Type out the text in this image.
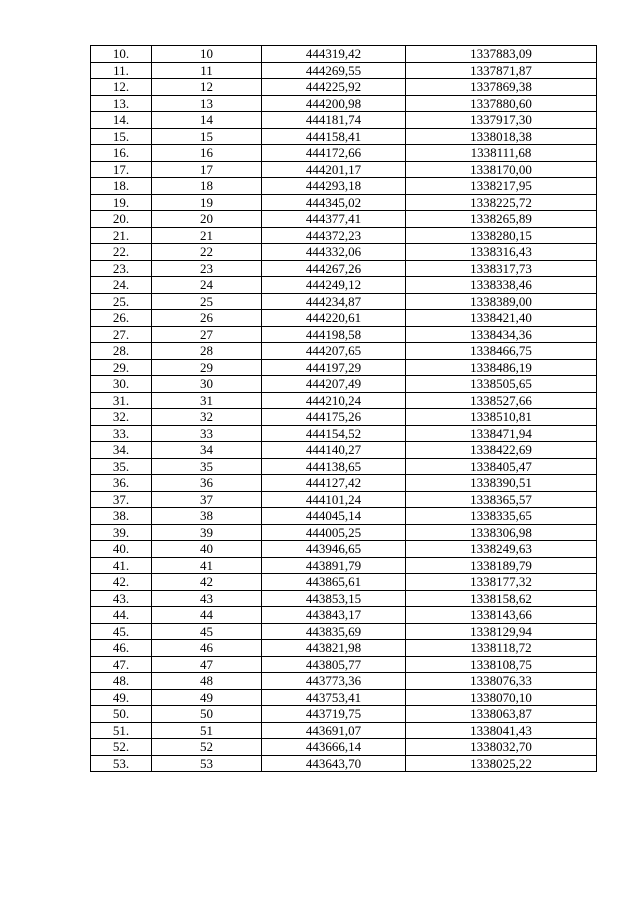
10.	10	444319,42	1337883,09
11.	11	444269,55	1337871,87
12.	12	444225,92	1337869,38
13.	13	444200,98	1337880,60
14.	14	444181,74	1337917,30
15.	15	444158,41	1338018,38
16.	16	444172,66	1338111,68
17.	17	444201,17	1338170,00
18.	18	444293,18	1338217,95
19.	19	444345,02	1338225,72
20.	20	444377,41	1338265,89
21.	21	444372,23	1338280,15
22.	22	444332,06	1338316,43
23.	23	444267,26	1338317,73
24.	24	444249,12	1338338,46
25.	25	444234,87	1338389,00
26.	26	444220,61	1338421,40
27.	27	444198,58	1338434,36
28.	28	444207,65	1338466,75
29.	29	444197,29	1338486,19
30.	30	444207,49	1338505,65
31.	31	444210,24	1338527,66
32.	32	444175,26	1338510,81
33.	33	444154,52	1338471,94
34.	34	444140,27	1338422,69
35.	35	444138,65	1338405,47
36.	36	444127,42	1338390,51
37.	37	444101,24	1338365,57
38.	38	444045,14	1338335,65
39.	39	444005,25	1338306,98
40.	40	443946,65	1338249,63
41.	41	443891,79	1338189,79
42.	42	443865,61	1338177,32
43.	43	443853,15	1338158,62
44.	44	443843,17	1338143,66
45.	45	443835,69	1338129,94
46.	46	443821,98	1338118,72
47.	47	443805,77	1338108,75
48.	48	443773,36	1338076,33
49.	49	443753,41	1338070,10
50.	50	443719,75	1338063,87
51.	51	443691,07	1338041,43
52.	52	443666,14	1338032,70
53.	53	443643,70	1338025,22
